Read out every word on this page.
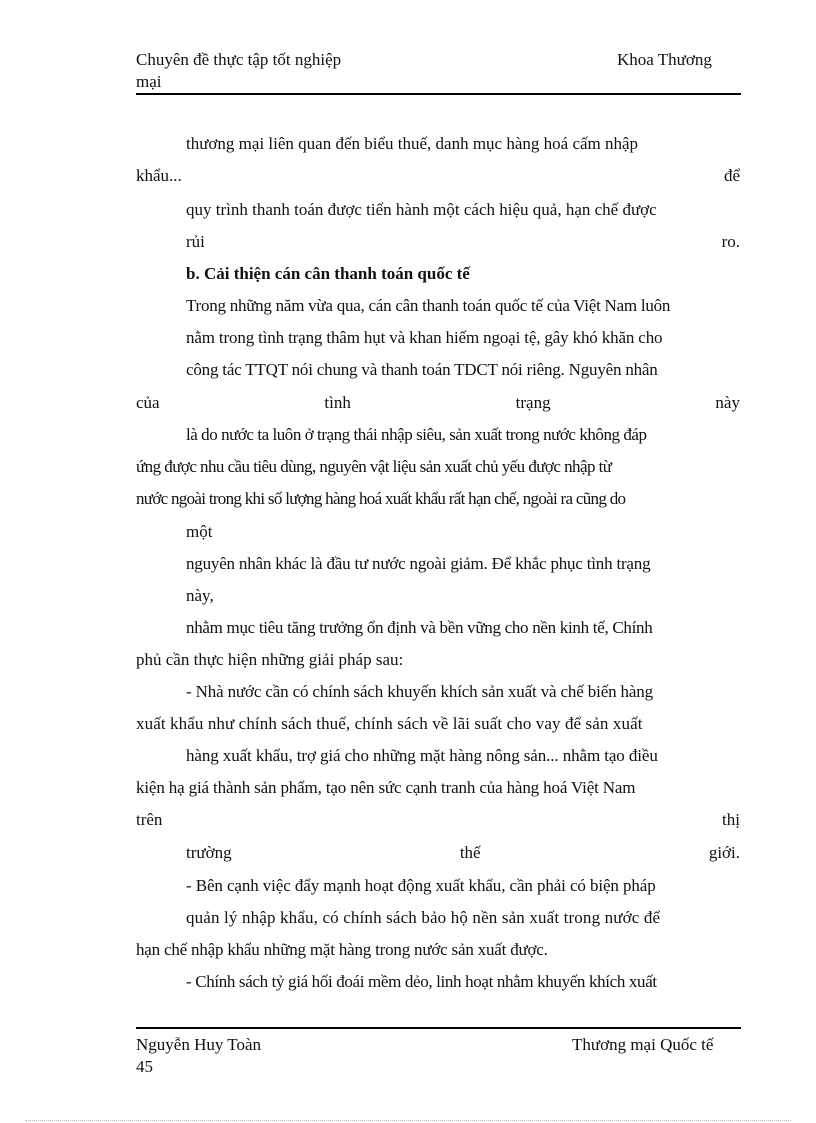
Chuyên đề thực tập tốt nghiệp
mại
Khoa Thương
thương mại liên quan đến biểu thuế, danh mục hàng hoá cấm nhập
khẩu...	để
quy trình thanh toán được tiến hành một cách hiệu quả, hạn chế được
rủi	ro.
b. Cải thiện cán cân thanh toán quốc tế
Trong những năm vừa qua, cán cân thanh toán quốc tế của Việt Nam luôn
nằm trong tình trạng thâm hụt và khan hiếm ngoại tệ, gây khó khăn cho
công tác TTQT nói chung và thanh toán TDCT nói riêng. Nguyên nhân
của	tình	trạng	này
là do nước ta luôn ở trạng thái nhập siêu, sản xuất trong nước không đáp
ứng được nhu cầu tiêu dùng, nguyên vật liệu sản xuất chủ yếu được nhập từ
nước ngoài trong khi số lượng hàng hoá xuất khẩu rất hạn chế, ngoài ra cũng do
một
nguyên nhân khác là đầu tư nước ngoài giảm. Để khắc phục tình trạng
này,
nhằm mục tiêu tăng trưởng ổn định và bền vững cho nền kinh tế, Chính
phủ cần thực hiện những giải pháp sau:
- Nhà nước cần có chính sách khuyến khích sản xuất và chế biến hàng
xuất khẩu như chính sách thuế, chính sách về lãi suất cho vay để sản xuất
hàng xuất khẩu, trợ giá cho những mặt hàng nông sản... nhằm tạo điều
kiện hạ giá thành sản phẩm, tạo nên sức cạnh tranh của hàng hoá Việt Nam
trên	thị
trường	thế	giới.
- Bên cạnh việc đẩy mạnh hoạt động xuất khẩu, cần phải có biện pháp
quản lý nhập khẩu, có chính sách bảo hộ nền sản xuất trong nước để
hạn chế nhập khẩu những mặt hàng trong nước sản xuất được.
- Chính sách tỷ giá hối đoái mềm dẻo, linh hoạt nhằm khuyến khích xuất
Nguyễn Huy Toàn
45
Thương mại Quốc tế
